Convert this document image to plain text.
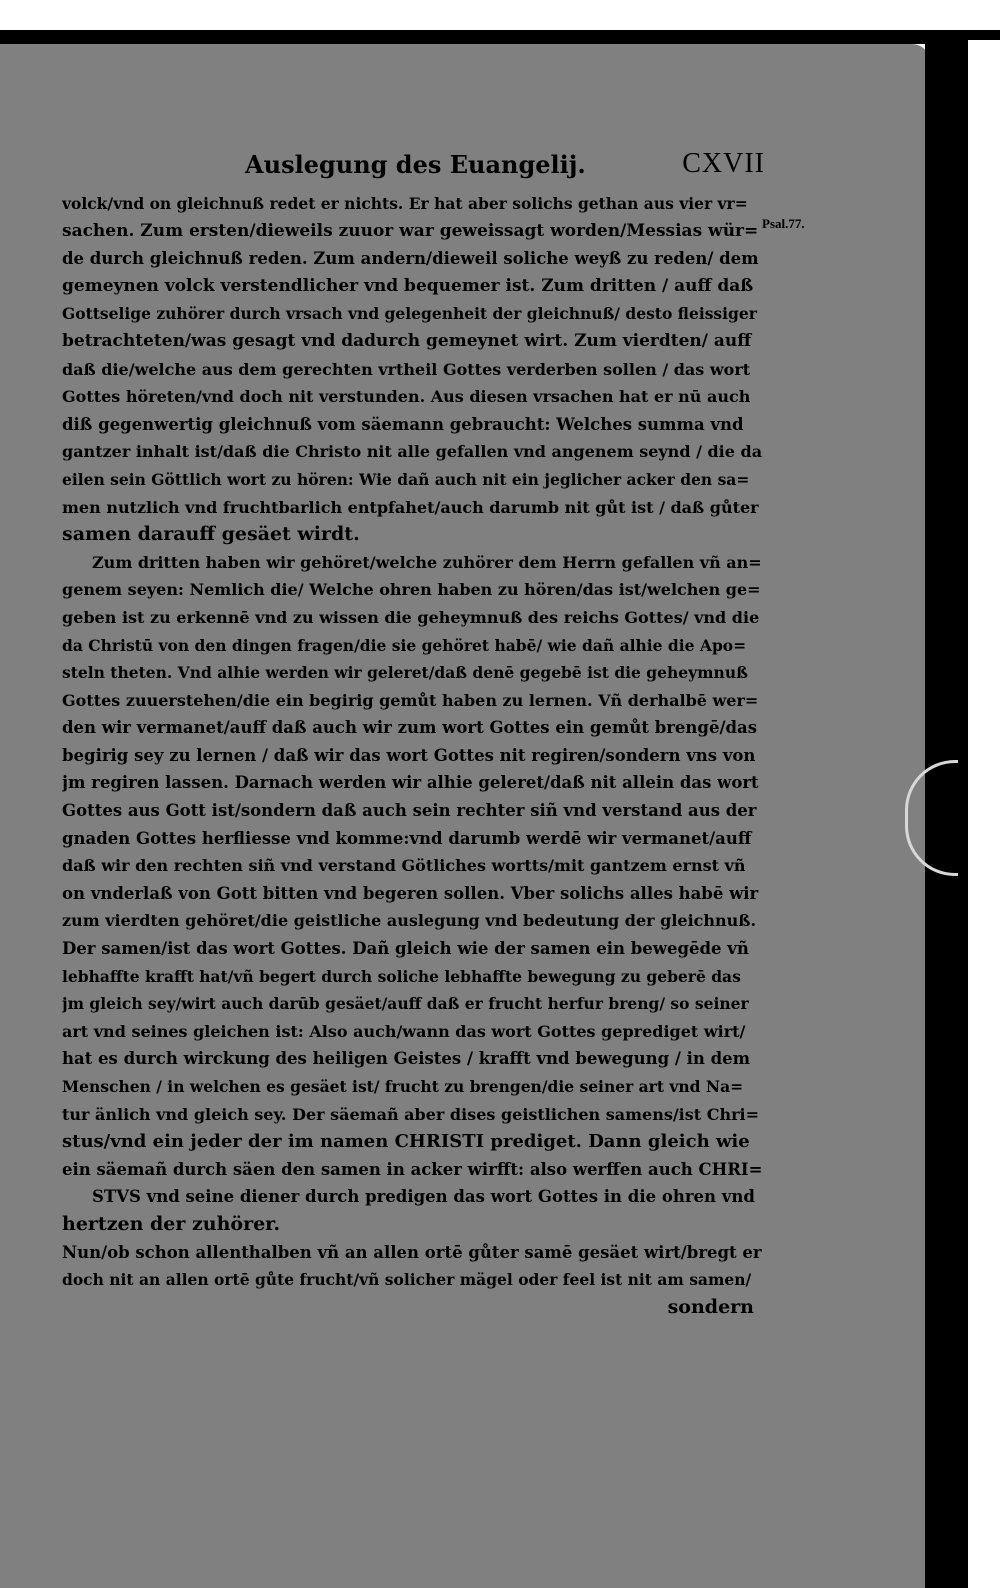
Auslegung des Euangelij.	CXVII
Psal.77.
volck/vnd on gleichnuß redet er nichts. Er hat aber solichs gethan aus vier vr=
sachen. Zum ersten/dieweils zuuor war geweissagt worden/Messias wür=
de durch gleichnuß reden. Zum andern/dieweil soliche weyß zu reden/ dem
gemeynen volck verstendlicher vnd bequemer ist. Zum dritten / auff daß
Gottselige zuhörer durch vrsach vnd gelegenheit der gleichnuß/ desto fleissiger
betrachteten/was gesagt vnd dadurch gemeynet wirt. Zum vierdten/ auff
daß die/welche aus dem gerechten vrtheil Gottes verderben sollen / das wort
Gottes höreten/vnd doch nit verstunden. Aus diesen vrsachen hat er nū auch
diß gegenwertig gleichnuß vom säemann gebraucht: Welches summa vnd
gantzer inhalt ist/daß die Christo nit alle gefallen vnd angenem seynd / die da
eilen sein Göttlich wort zu hören: Wie dañ auch nit ein jeglicher acker den sa=
men nutzlich vnd fruchtbarlich entpfahet/auch darumb nit gůt ist / daß gůter
samen darauff gesäet wirdt.
Zum dritten haben wir gehöret/welche zuhörer dem Herrn gefallen vñ an=
genem seyen: Nemlich die/ Welche ohren haben zu hören/das ist/welchen ge=
geben ist zu erkennē vnd zu wissen die geheymnuß des reichs Gottes/ vnd die
da Christū von den dingen fragen/die sie gehöret habē/ wie dañ alhie die Apo=
steln theten. Vnd alhie werden wir geleret/daß denē gegebē ist die geheymnuß
Gottes zuuerstehen/die ein begirig gemůt haben zu lernen. Vñ derhalbē wer=
den wir vermanet/auff daß auch wir zum wort Gottes ein gemůt brengē/das
begirig sey zu lernen / daß wir das wort Gottes nit regiren/sondern vns von
jm regiren lassen. Darnach werden wir alhie geleret/daß nit allein das wort
Gottes aus Gott ist/sondern daß auch sein rechter siñ vnd verstand aus der
gnaden Gottes herfliesse vnd komme:vnd darumb werdē wir vermanet/auff
daß wir den rechten siñ vnd verstand Götliches wortts/mit gantzem ernst vñ
on vnderlaß von Gott bitten vnd begeren sollen. Vber solichs alles habē wir
zum vierdten gehöret/die geistliche auslegung vnd bedeutung der gleichnuß.
Der samen/ist das wort Gottes. Dañ gleich wie der samen ein bewegēde vñ
lebhaffte krafft hat/vñ begert durch soliche lebhaffte bewegung zu geberē das
jm gleich sey/wirt auch darūb gesäet/auff daß er frucht herfur breng/ so seiner
art vnd seines gleichen ist: Also auch/wann das wort Gottes geprediget wirt/
hat es durch wirckung des heiligen Geistes / krafft vnd bewegung / in dem
Menschen / in welchen es gesäet ist/ frucht zu brengen/die seiner art vnd Na=
tur änlich vnd gleich sey. Der säemañ aber dises geistlichen samens/ist Chri=
stus/vnd ein jeder der im namen CHRISTI prediget. Dann gleich wie
ein säemañ durch säen den samen in acker wirfft: also werffen auch CHRI=
STVS vnd seine diener durch predigen das wort Gottes in die ohren vnd
hertzen der zuhörer.
Nun/ob schon allenthalben vñ an allen ortē gůter samē gesäet wirt/bregt er
doch nit an allen ortē gůte frucht/vñ solicher mägel oder feel ist nit am samen/
sondern
